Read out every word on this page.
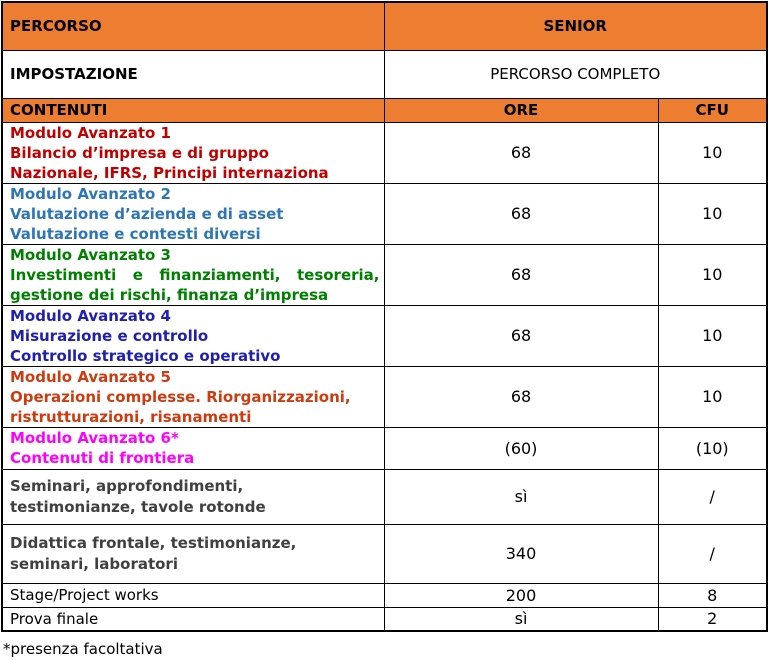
PERCORSO	SENIOR	
IMPOSTAZIONE	PERCORSO COMPLETO	
CONTENUTI	ORE	CFU

Modulo Avanzato 1
Bilancio d’impresa e di gruppo
Nazionale, IFRS, Principi internaziona	68	10

Modulo Avanzato 2
Valutazione d’azienda e di asset
Valutazione e contesti diversi	68	10

Modulo Avanzato 3
Investimenti e finanziamenti, tesoreria,
gestione dei rischi, finanza d’impresa	68	10

Modulo Avanzato 4
Misurazione e controllo
Controllo strategico e operativo	68	10

Modulo Avanzato 5
Operazioni complesse. Riorganizzazioni,
ristrutturazioni, risanamenti	68	10

Modulo Avanzato 6*
Contenuti di frontiera	(60)	(10)

Seminari, approfondimenti,
testimonianze, tavole rotonde	sì	/

Didattica frontale, testimonianze,
seminari, laboratori	340	/
Stage/Project works	200	8
Prova finale	sì	2
*presenza facoltativa
